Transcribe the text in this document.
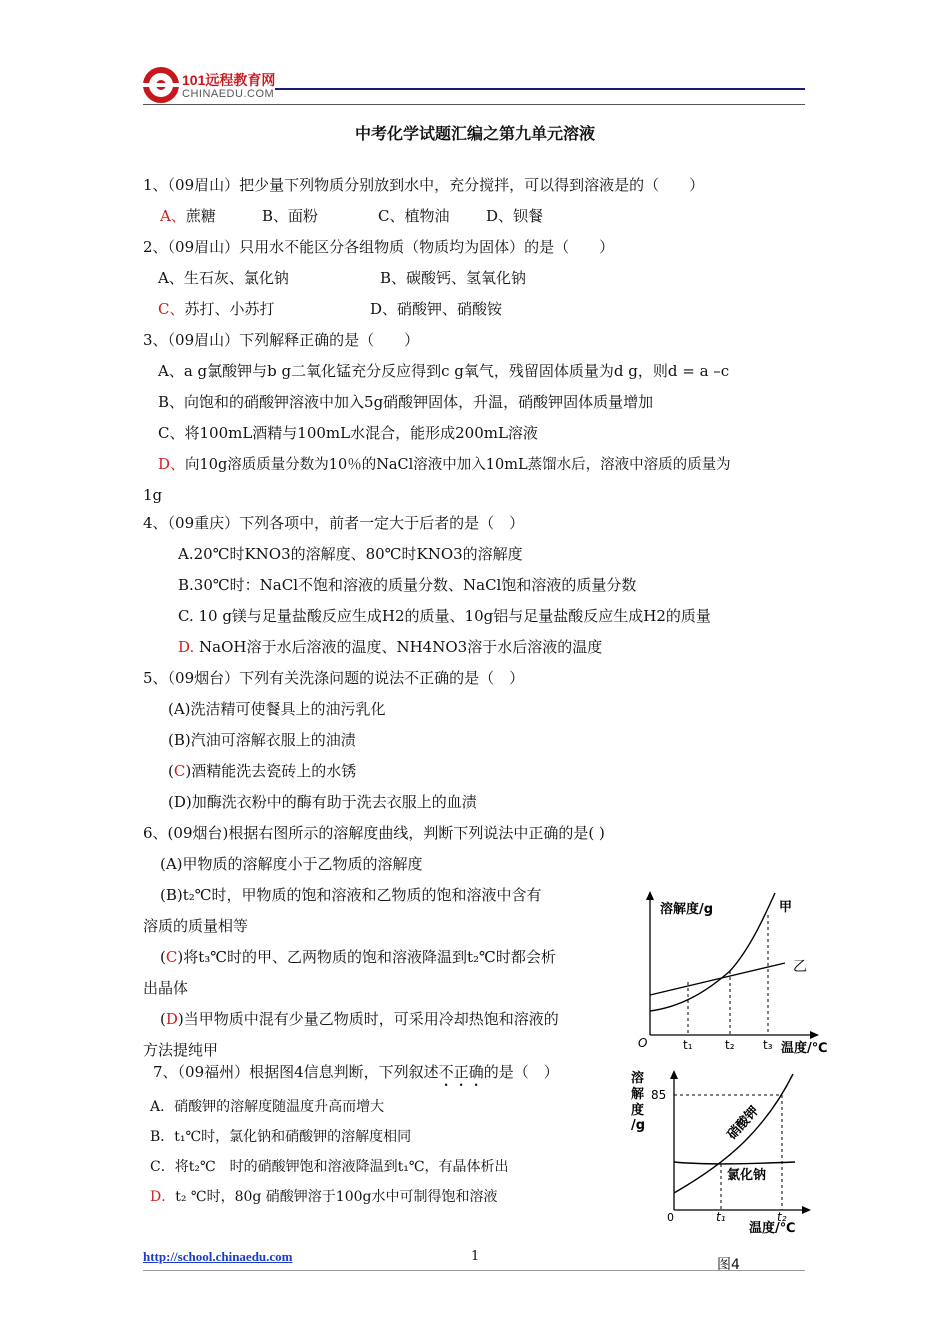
101远程教育网
CHINAEDU.COM
中考化学试题汇编之第九单元溶液
1、（09眉山）把少量下列物质分别放到水中，充分搅拌，可以得到溶液是的（　　）
A、蔗糖	B、面粉	C、植物油 D、钡餐
2、（09眉山）只用水不能区分各组物质（物质均为固体）的是（　　）
A、生石灰、氯化钠	B、碳酸钙、氢氧化钠
C、苏打、小苏打	D、硝酸钾、硝酸铵
3、（09眉山）下列解释正确的是（　　）
A、a g氯酸钾与b g二氧化锰充分反应得到c g氧气，残留固体质量为d g，则d = a –c
B、向饱和的硝酸钾溶液中加入5g硝酸钾固体，升温，硝酸钾固体质量增加
C、将100mL酒精与100mL水混合，能形成200mL溶液
D、向10g溶质质量分数为10％的NaCl溶液中加入10mL蒸馏水后，溶液中溶质的质量为
1g
4、（09重庆）下列各项中，前者一定大于后者的是（　）
A.20℃时KNO3的溶解度、80℃时KNO3的溶解度
B.30℃时：NaCl不饱和溶液的质量分数、NaCl饱和溶液的质量分数
C. 10 g镁与足量盐酸反应生成H2的质量、10g铝与足量盐酸反应生成H2的质量
D. NaOH溶于水后溶液的温度、NH4NO3溶于水后溶液的温度
5、（09烟台）下列有关洗涤问题的说法不正确的是（　）
(A)洗洁精可使餐具上的油污乳化
(B)汽油可溶解衣服上的油渍
(C)酒精能洗去瓷砖上的水锈
(D)加酶洗衣粉中的酶有助于洗去衣服上的血渍
6、(09烟台)根据右图所示的溶解度曲线，判断下列说法中正确的是( )
(A)甲物质的溶解度小于乙物质的溶解度
(B)t₂℃时，甲物质的饱和溶液和乙物质的饱和溶液中含有
溶质的质量相等
(C)将t₃℃时的甲、乙两物质的饱和溶液降温到t₂℃时都会析
出晶体
(D)当甲物质中混有少量乙物质时，可采用冷却热饱和溶液的
方法提纯甲
溶解度/g
O	t₁	t₂ t₃ 温度/℃
甲
乙
7、（09福州）根据图4信息判断，下列叙述不正确的是（　）
A．硝酸钾的溶解度随温度升高而增大
B．t₁℃时，氯化钠和硝酸钾的溶解度相同
C．将t₂℃　时的硝酸钾饱和溶液降温到t₁℃，有晶体析出
D．t₂ ℃时，80g 硝酸钾溶于100g水中可制得饱和溶液
溶解度/g
85
硝酸钾
氯化钠
0	t₁	t₂
温度/℃
http://school.chinaedu.com	1
图4
